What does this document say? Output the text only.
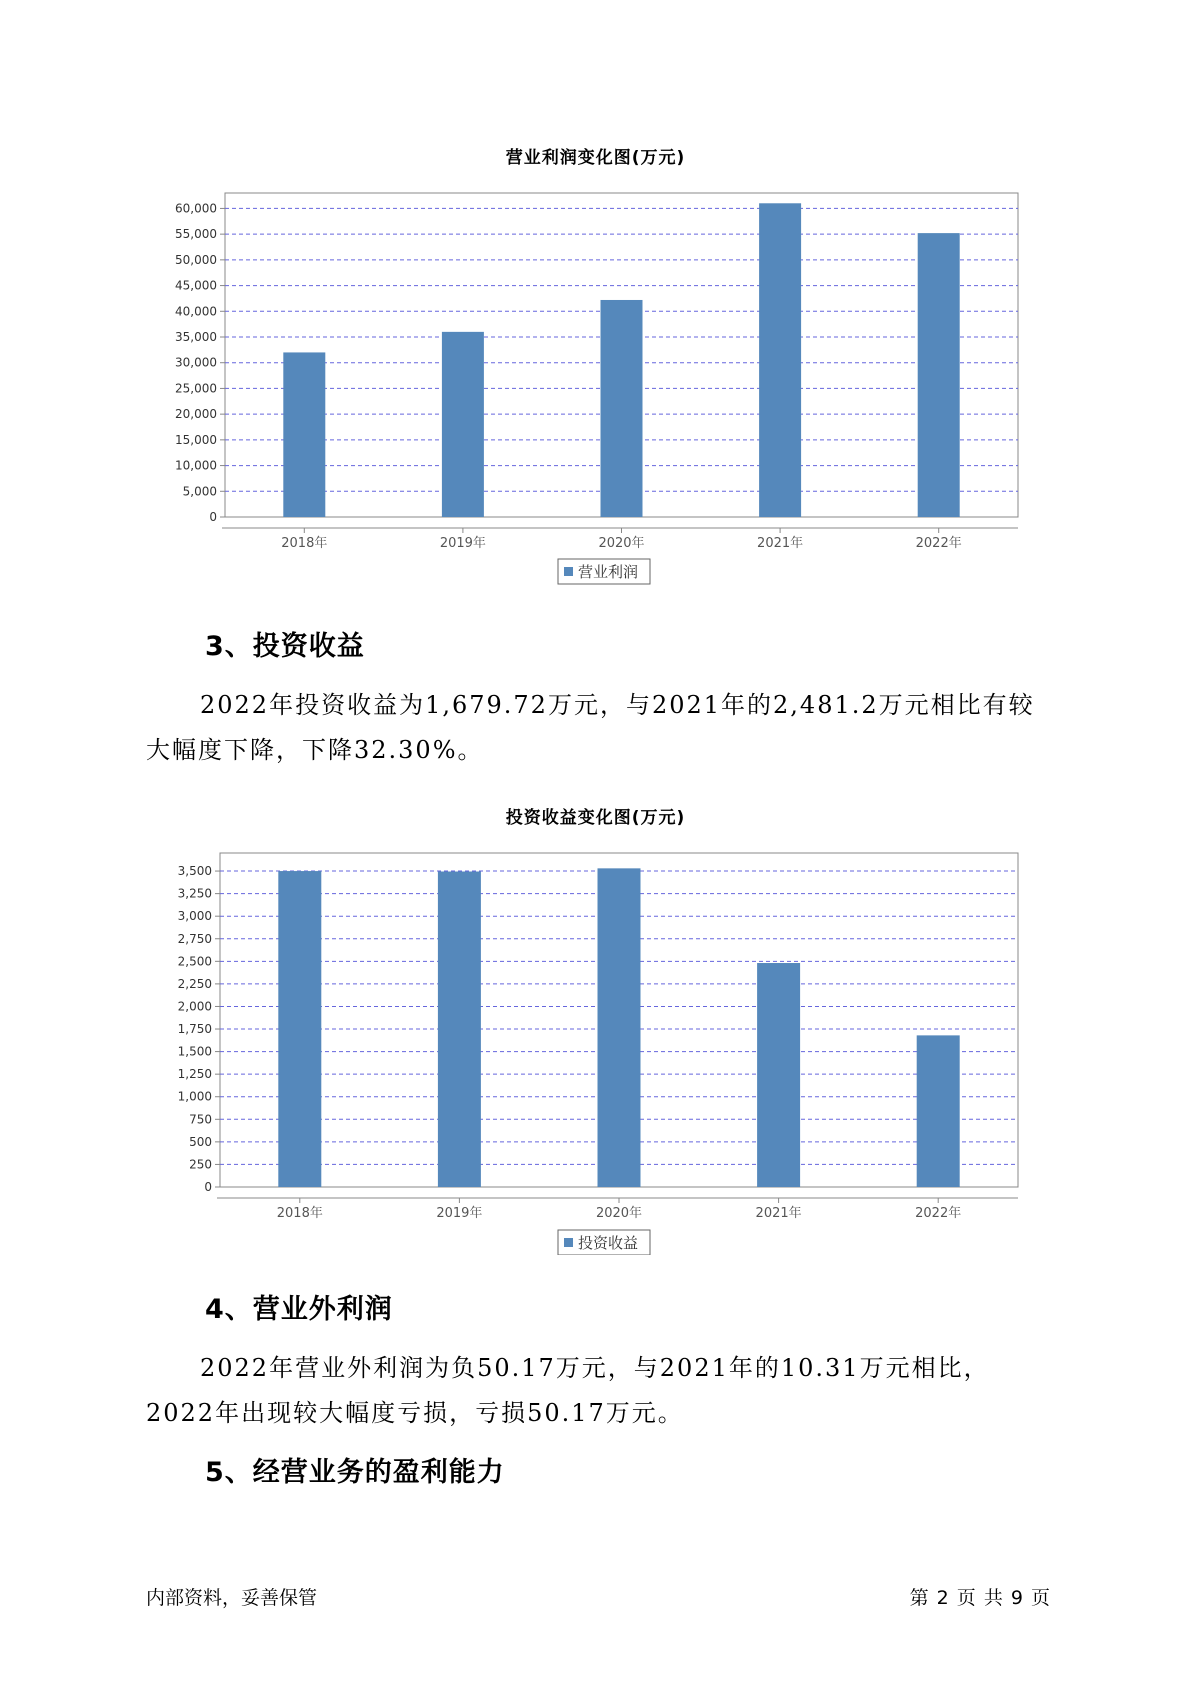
营业利润变化图(万元)
0
5,000
10,000
15,000
20,000
25,000
30,000
35,000
40,000
45,000
50,000
55,000
60,000
2018年	2019年	2020年	2021年	2022年
营业利润
3、投资收益

2022年投资收益为1,679.72万元，与2021年的2,481.2万元相比有较大幅度下降，下降32.30%。

投资收益变化图(万元)
0
250
500
750
1,000
1,250
1,500
1,750
2,000
2,250
2,500
2,750
3,000
3,250
3,500
2018年	2019年	2020年	2021年	2022年
投资收益
4、营业外利润

2022年营业外利润为负50.17万元，与2021年的10.31万元相比，2022年出现较大幅度亏损，亏损50.17万元。

5、经营业务的盈利能力
内部资料，妥善保管	第 2 页 共 9 页
